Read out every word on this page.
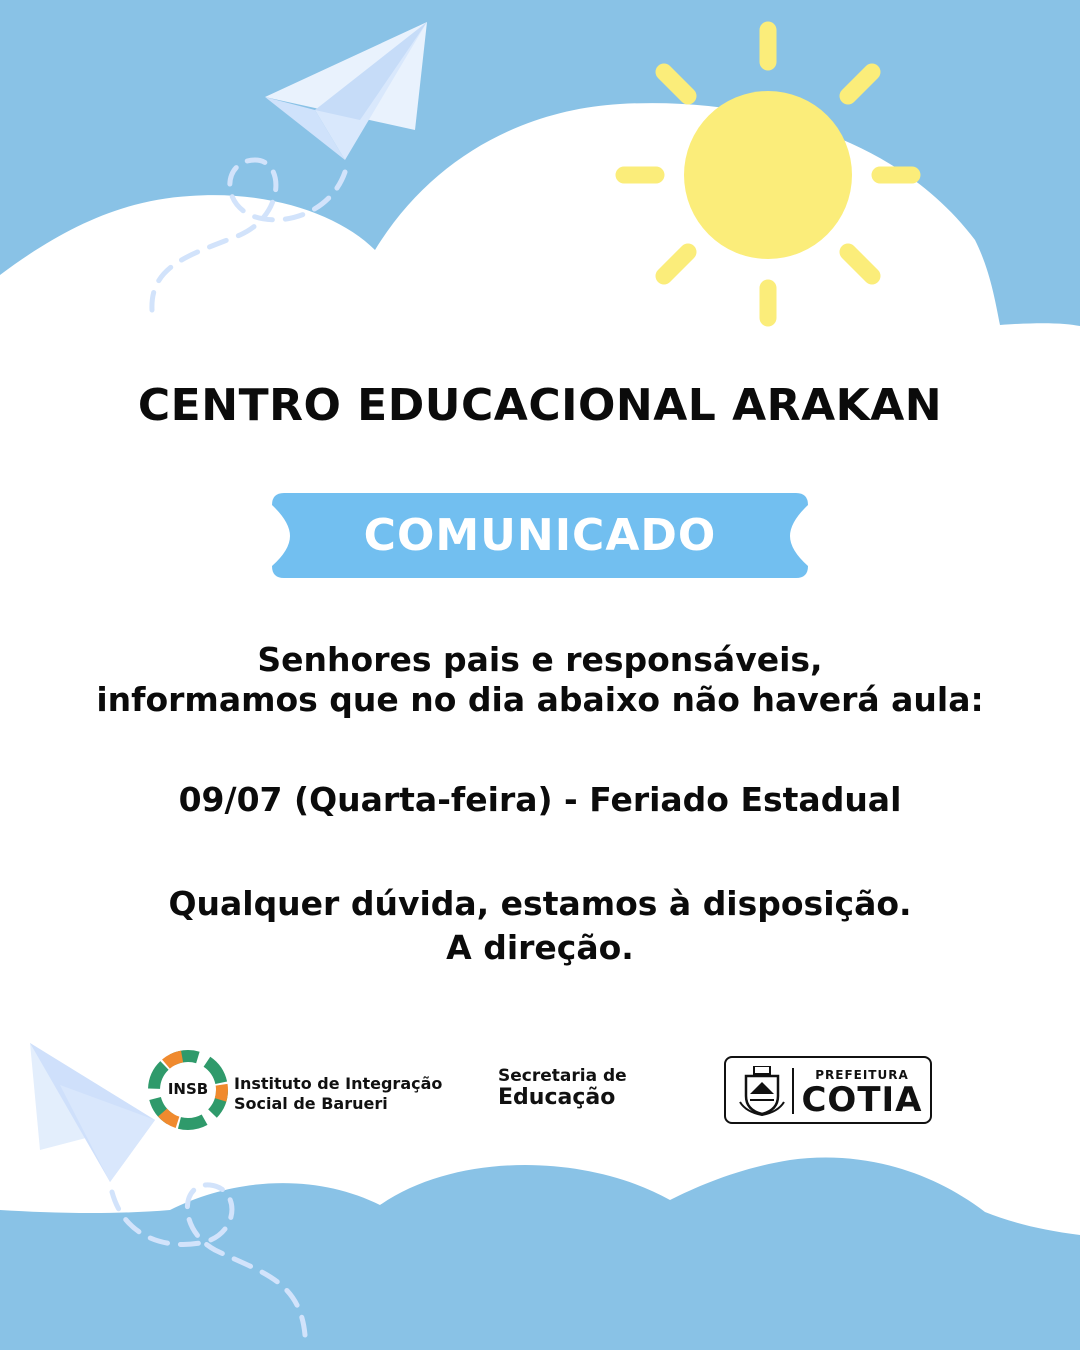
CENTRO EDUCACIONAL ARAKAN
COMUNICADO
Senhores pais e responsáveis,
informamos que no dia abaixo não haverá aula:
09/07 (Quarta-feira) - Feriado Estadual
Qualquer dúvida, estamos à disposição.
A direção.
INSB	Instituto de Integração
Social de Barueri
Secretaria de
Educação
PREFEITURA
COTIA
